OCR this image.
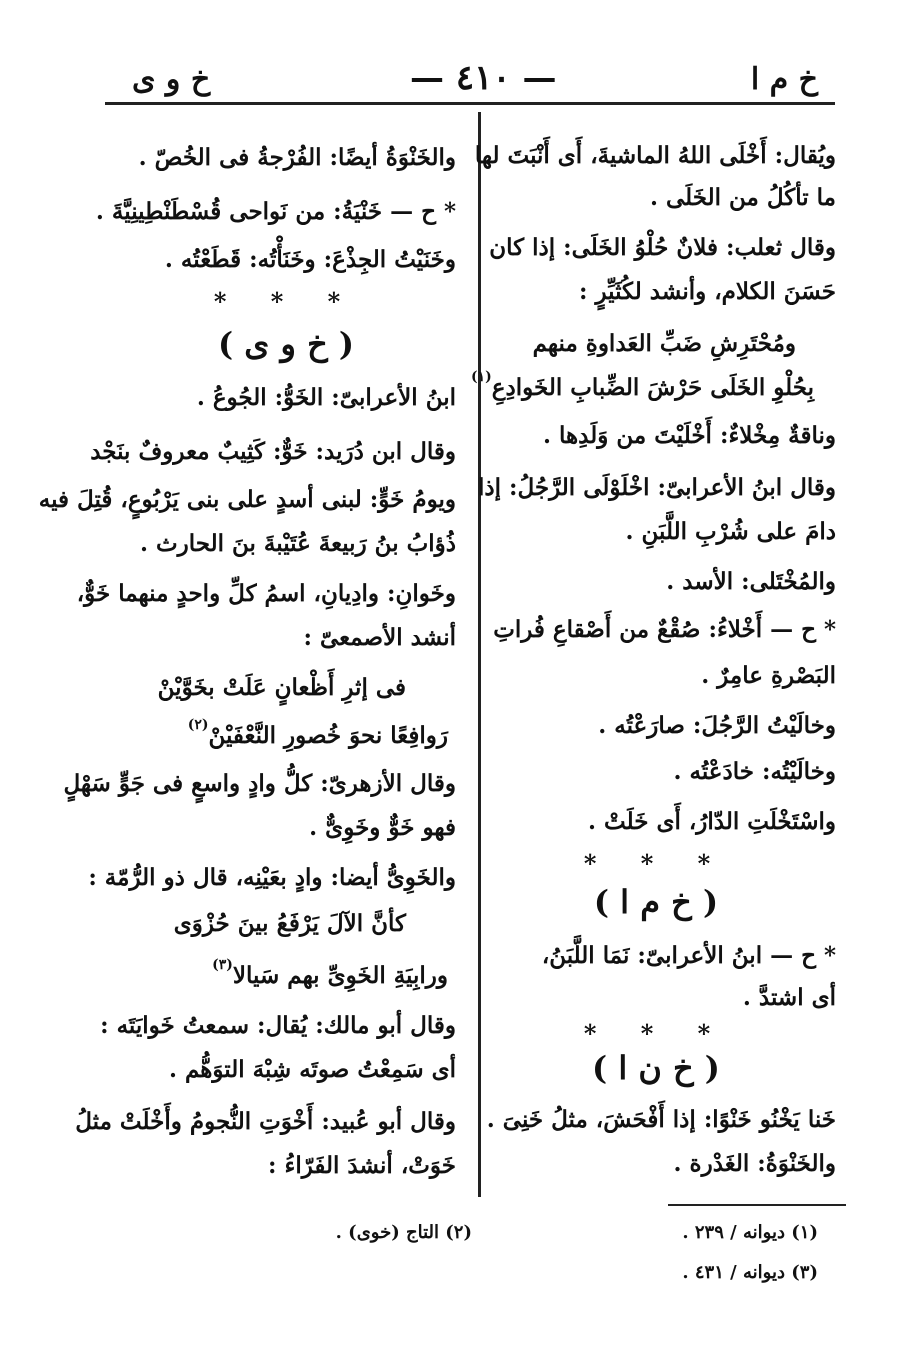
خ م ا
— ٤١٠ —
خ و ى
ويُقال: أَخْلَى اللهُ الماشيةَ، أَى أَنْبَتَ لها
ما تأكُلُ من الخَلَى .
وقال ثعلب: فلانٌ حُلْوُ الخَلَى: إذا كان
حَسَنَ الكلام، وأنشد لكُثَيِّرٍ :
ومُحْتَرِشِ ضَبِّ العَداوةِ منهم
بِحُلْوِ الخَلَى حَرْشَ الضِّبابِ الخَوادِعِ$^{(١)}$
وناقةٌ مِخْلاءٌ: أَخْلَيْتَ من وَلَدِها .
وقال ابنُ الأعرابىّ: اخْلَوْلَى الرَّجُلُ: إذا
دامَ على شُرْبِ اللَّبَنِ .
والمُخْتَلى: الأسد .
* ح — أَخْلاءُ: صُقْعٌ من أَصْقاعِ فُراتِ
البَصْرةِ عامِرٌ .
وخالَيْتُ الرَّجُلَ: صارَعْتُه .
وخالَيْتُه: خادَعْتُه .
واسْتَخْلَتِ الدّارُ، أَى خَلَتْ .
* * *
( خ م ا )
* ح — ابنُ الأعرابىّ: نَمَا اللَّبَنُ،
أى اشتدَّ .
* * *
( خ ن ا )
خَنا يَخْنُو خَنْوًا: إذا أَفْحَشَ، مثلُ خَنِىَ .
والخَنْوَةُ: الغَدْرة .
والخَنْوَةُ أيضًا: الفُرْجةُ فى الخُصّ .
* ح — خَنْيَةُ: من نَواحى قُسْطَنْطِينِيَّةَ .
وخَنَيْتُ الجِذْعَ: وخَنَأْتُه: قَطَعْتُه .
* * *
( خ و ى )
ابنُ الأعرابىّ: الخَوُّ: الجُوعُ .
وقال ابن دُرَيد: خَوٌّ: كَثِيبٌ معروفٌ بنَجْد
ويومُ خَوٍّ: لبنى أسدٍ على بنى يَرْبُوعٍ، قُتِلَ فيه
ذُؤابُ بنُ رَبيعةَ عُتَيْبةَ بنَ الحارث .
وخَوانِ: وادِيانِ، اسمُ كلِّ واحدٍ منهما خَوٌّ،
أنشد الأصمعىّ :
فى إثرِ أَظْعانٍ عَلَتْ بخَوَّيْنْ
رَوافِعًا نحوَ خُصورِ النَّعْفَيْنْ$^{(٢)}$
وقال الأزهرىّ: كلُّ وادٍ واسعٍ فى جَوٍّ سَهْلٍ
فهو خَوٌّ وخَوِىٌّ .
والخَوِىُّ أيضا: وادٍ بعَيْنِه، قال ذو الرُّمّة :
كأنَّ الآلَ يَرْفَعُ بينَ حُزْوَى
ورابِيَةِ الخَوِىِّ بهم سَيالا$^{(٣)}$
وقال أبو مالك: يُقال: سمعتُ خَوايَتَه :
أى سَمِعْتُ صوتَه شِبْهَ التوَهُّم .
وقال أبو عُبيد: أَخْوَتِ النُّجومُ وأَخْلَتْ مثلُ
خَوَتْ، أنشدَ الفَرّاءُ :
(١) ديوانه / ٢٣٩ .
(٣) ديوانه / ٤٣١ .
(٢) التاج (خوى) .
